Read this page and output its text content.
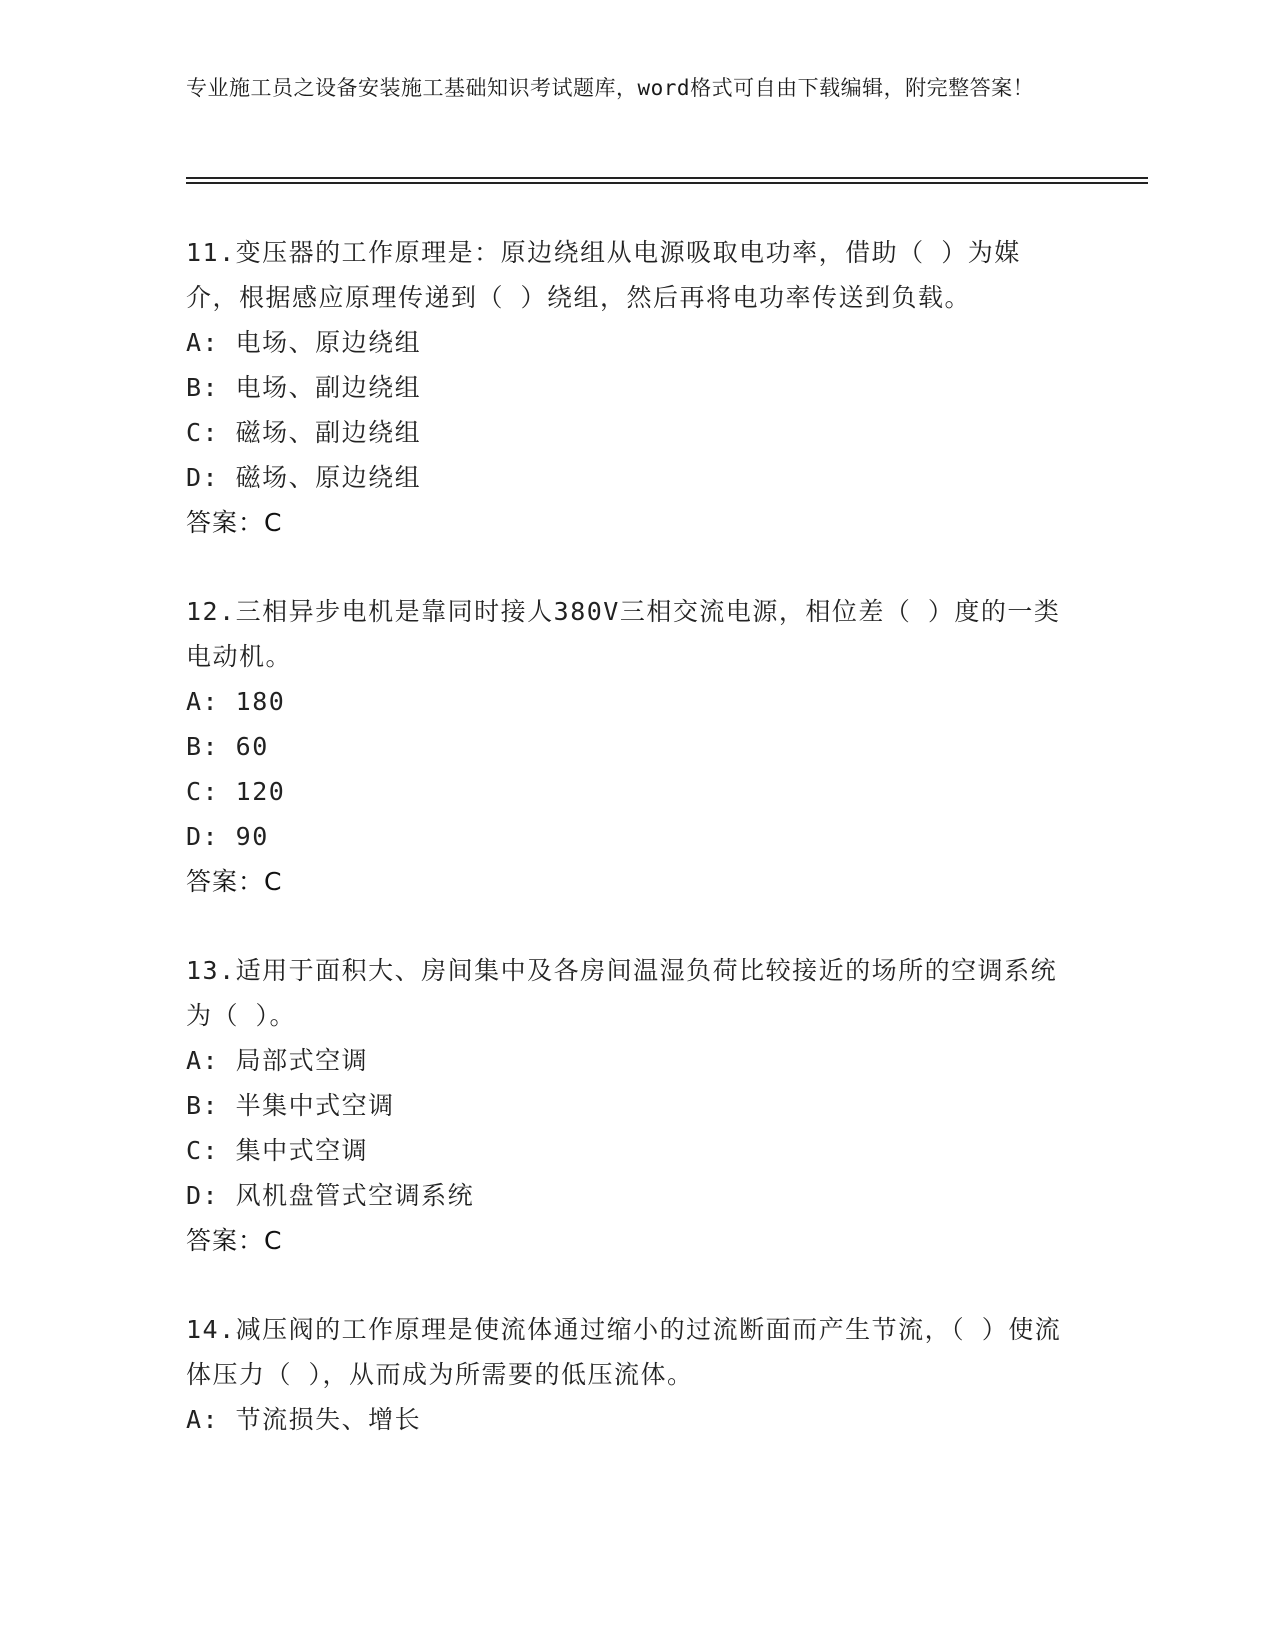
专业施工员之设备安装施工基础知识考试题库，word格式可自由下载编辑，附完整答案！
11.变压器的工作原理是：原边绕组从电源吸取电功率，借助（ ）为媒介，根据感应原理传递到（ ）绕组，然后再将电功率传送到负载。
A: 电场、原边绕组
B: 电场、副边绕组
C: 磁场、副边绕组
D: 磁场、原边绕组
答案：C
12.三相异步电机是靠同时接人380V三相交流电源，相位差（ ）度的一类电动机。
A: 180
B: 60
C: 120
D: 90
答案：C
13.适用于面积大、房间集中及各房间温湿负荷比较接近的场所的空调系统为（ ）。
A: 局部式空调
B: 半集中式空调
C: 集中式空调
D: 风机盘管式空调系统
答案：C
14.减压阀的工作原理是使流体通过缩小的过流断面而产生节流，（ ）使流体压力（ ），从而成为所需要的低压流体。
A: 节流损失、增长
